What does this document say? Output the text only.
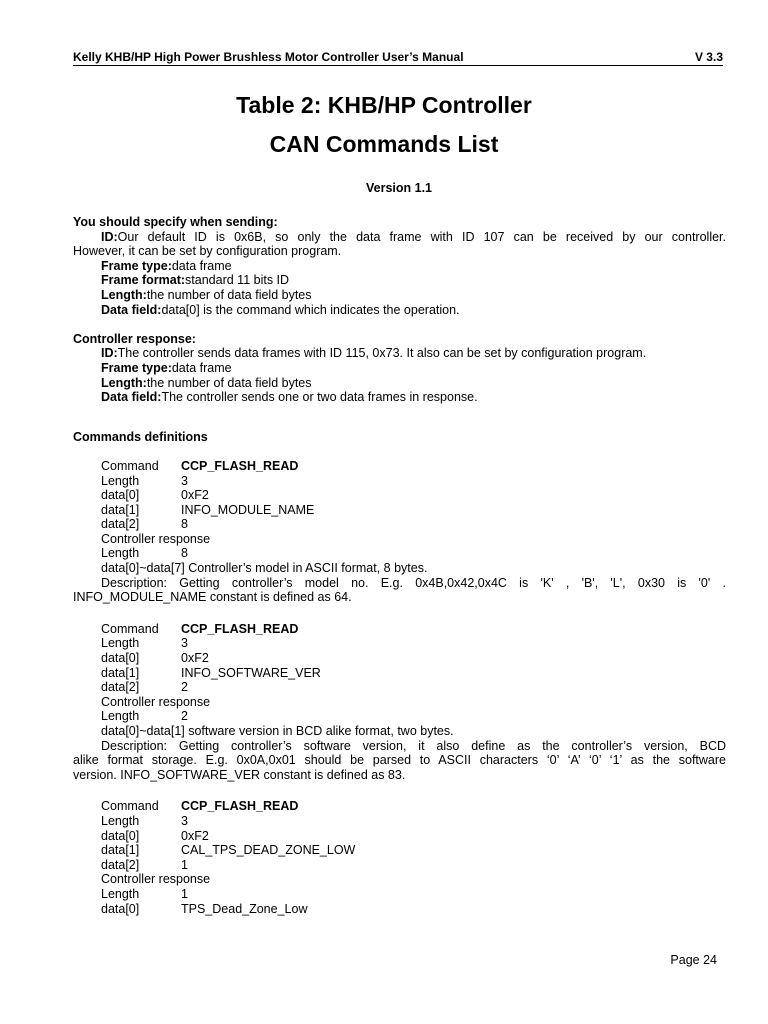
Kelly KHB/HP High Power Brushless Motor Controller User’s Manual	V 3.3
Table 2: KHB/HP Controller
CAN Commands List
Version 1.1
You should specify when sending:
ID:Our default ID is 0x6B, so only the data frame with ID 107 can be received by our controller.
However, it can be set by configuration program.
Frame type:data frame
Frame format:standard 11 bits ID
Length:the number of data field bytes
Data field:data[0] is the command which indicates the operation.
Controller response:
ID:The controller sends data frames with ID 115, 0x73. It also can be set by configuration program.
Frame type:data frame
Length:the number of data field bytes
Data field:The controller sends one or two data frames in response.
Commands definitions
Command	CCP_FLASH_READ
Length	3
data[0]	0xF2
data[1]	INFO_MODULE_NAME
data[2]	8
Controller response
Length	8
data[0]~data[7] Controller’s model in ASCII format, 8 bytes.
Description: Getting controller’s model no. E.g. 0x4B,0x42,0x4C is 'K' , 'B', 'L', 0x30 is '0' .
INFO_MODULE_NAME constant is defined as 64.
Command	CCP_FLASH_READ
Length	3
data[0]	0xF2
data[1]	INFO_SOFTWARE_VER
data[2]	2
Controller response
Length	2
data[0]~data[1] software version in BCD alike format, two bytes.
Description: Getting controller’s software version, it also define as the controller’s version, BCD
alike format storage. E.g. 0x0A,0x01 should be parsed to ASCII characters ‘0’ ‘A’ ‘0’ ‘1’ as the software
version. INFO_SOFTWARE_VER constant is defined as 83.
Command	CCP_FLASH_READ
Length	3
data[0]	0xF2
data[1]	CAL_TPS_DEAD_ZONE_LOW
data[2]	1
Controller response
Length	1
data[0]	TPS_Dead_Zone_Low
Page 24
